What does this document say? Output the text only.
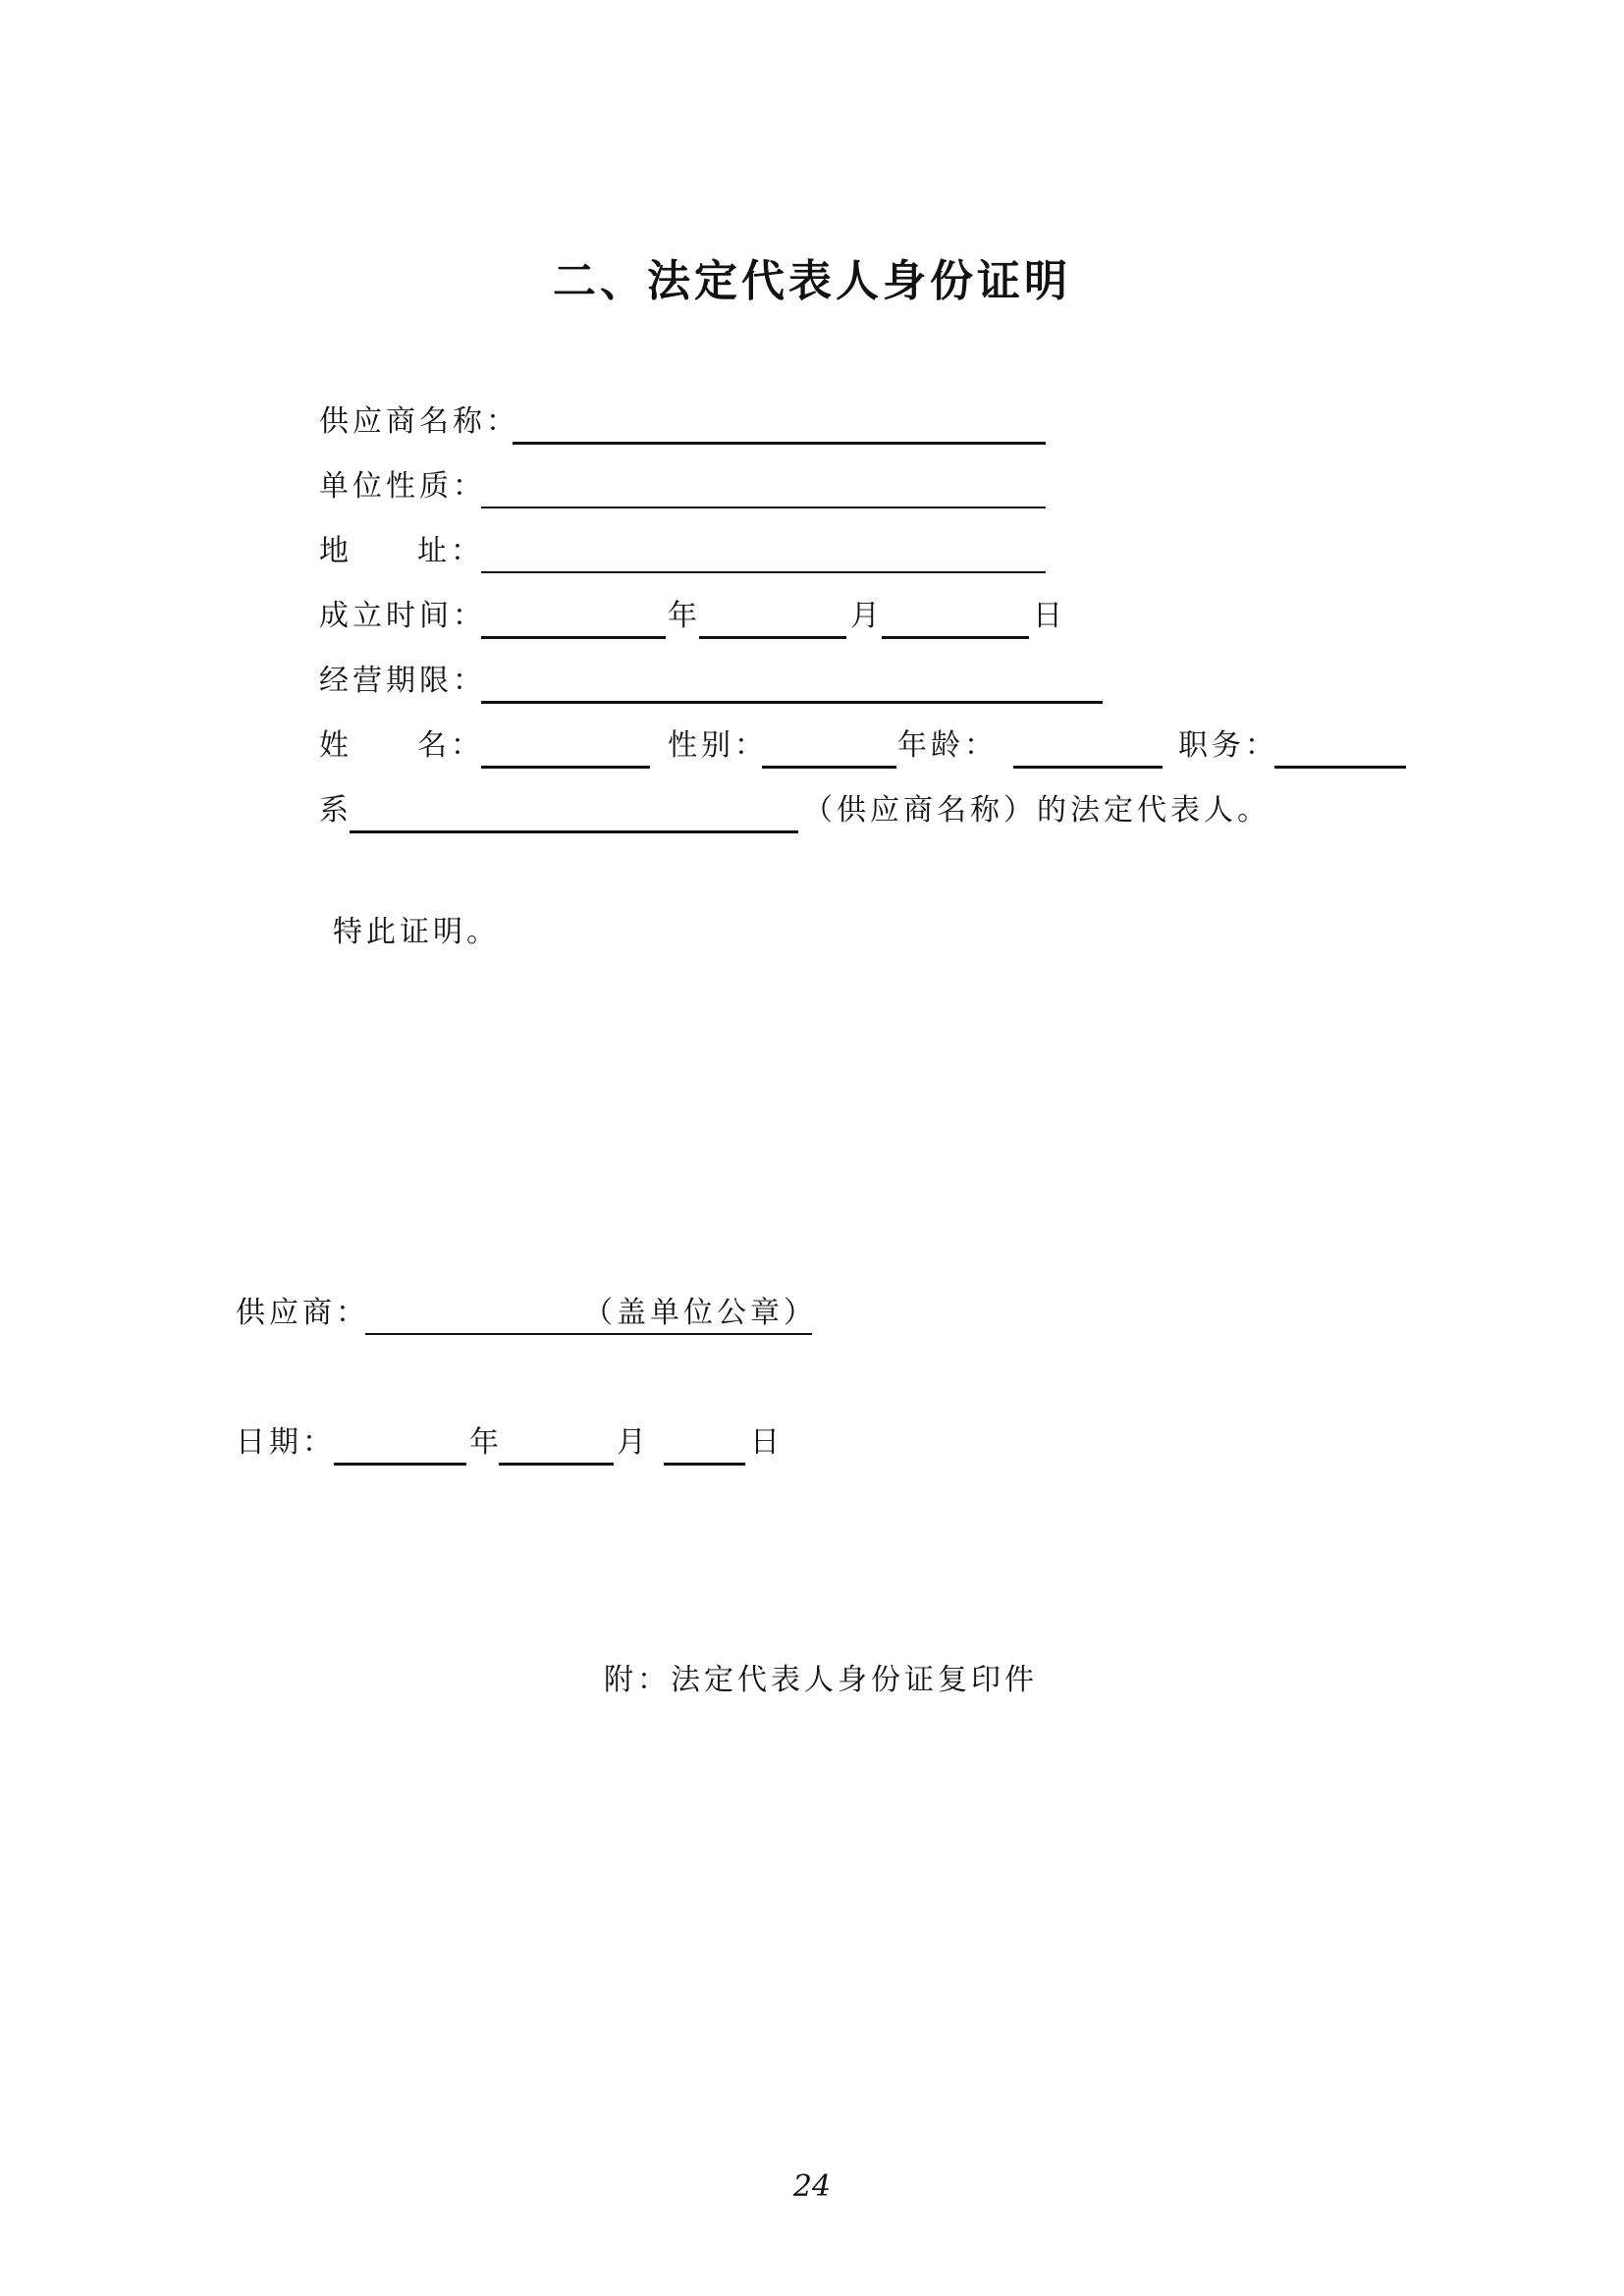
二、法定代表人身份证明
供应商名称：
单位性质：
地 址：
成立时间：	年	月	日
经营期限：
姓 名：	性别：	年龄：	职务：
系	（供应商名称）的法定代表人。
特此证明。
供应商：	（盖单位公章）
日期：	年	月	日
附：法定代表人身份证复印件
24
